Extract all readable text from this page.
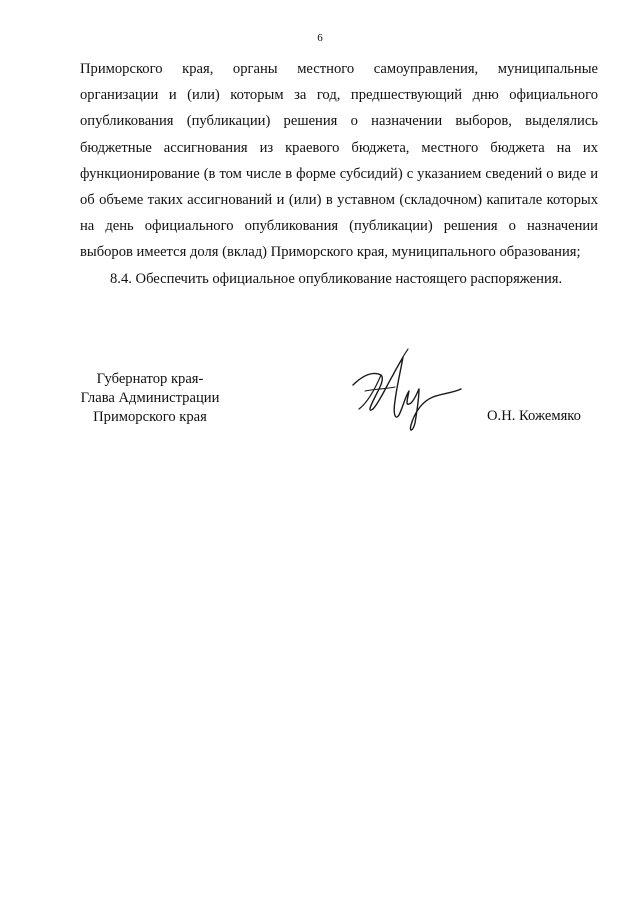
6

Приморского края, органы местного самоуправления, муниципальные организации и (или) которым за год, предшествующий дню официального опубликования (публикации) решения о назначении выборов, выделялись бюджетные ассигнования из краевого бюджета, местного бюджета на их функционирование (в том числе в форме субсидий) с указанием сведений о виде и об объеме таких ассигнований и (или) в уставном (складочном) капитале которых на день официального опубликования (публикации) решения о назначении выборов имеется доля (вклад) Приморского края, муниципального образования;

8.4. Обеспечить официальное опубликование настоящего распоряжения.

Губернатор края-
Глава Администрации
Приморского края	О.Н. Кожемяко
